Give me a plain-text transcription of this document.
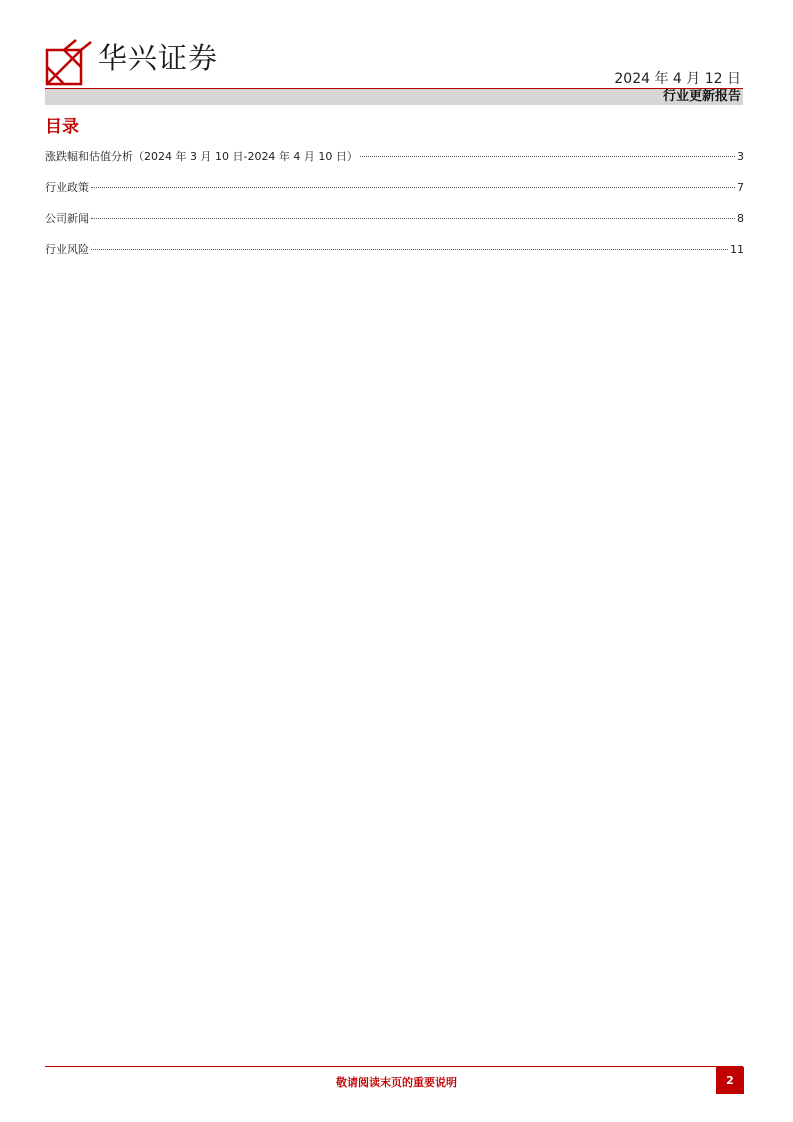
华兴证券
2024 年 4 月 12 日
行业更新报告
目录
涨跌幅和估值分析（2024 年 3 月 10 日-2024 年 4 月 10 日）	3
行业政策	7
公司新闻	8
行业风险	11
敬请阅读末页的重要说明	2
